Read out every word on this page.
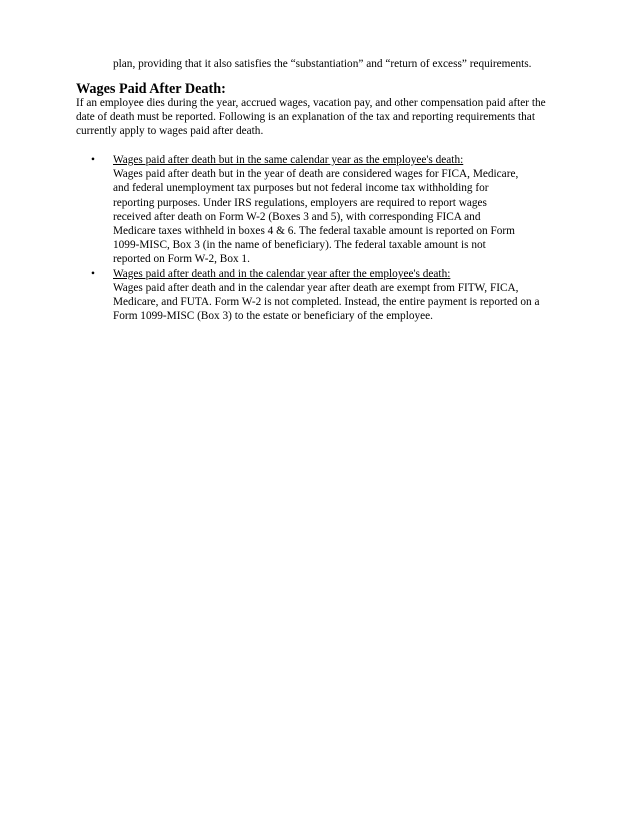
plan, providing that it also satisfies the “substantiation” and “return of excess” requirements.
Wages Paid After Death:
If an employee dies during the year, accrued wages, vacation pay, and other compensation paid after the
date of death must be reported. Following is an explanation of the tax and reporting requirements that
currently apply to wages paid after death.
• Wages paid after death but in the same calendar year as the employee's death:
Wages paid after death but in the year of death are considered wages for FICA, Medicare,
and federal unemployment tax purposes but not federal income tax withholding for
reporting purposes. Under IRS regulations, employers are required to report wages
received after death on Form W-2 (Boxes 3 and 5), with corresponding FICA and
Medicare taxes withheld in boxes 4 & 6. The federal taxable amount is reported on Form
1099-MISC, Box 3 (in the name of beneficiary). The federal taxable amount is not
reported on Form W-2, Box 1.
• Wages paid after death and in the calendar year after the employee's death:
Wages paid after death and in the calendar year after death are exempt from FITW, FICA,
Medicare, and FUTA. Form W-2 is not completed. Instead, the entire payment is reported on a
Form 1099-MISC (Box 3) to the estate or beneficiary of the employee.
